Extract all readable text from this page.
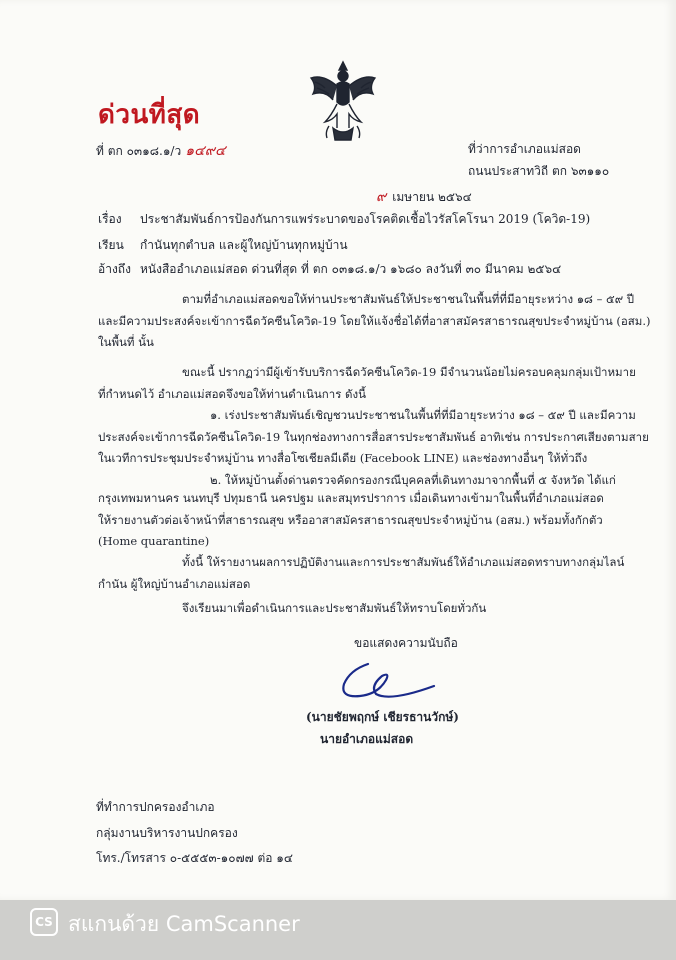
ด่วนที่สุด
ที่ ตก ๐๓๑๘.๑/ว ๑๔๙๔	ที่ว่าการอำเภอแม่สอด
ถนนประสาทวิถี ตก ๖๓๑๑๐
๙ เมษายน ๒๕๖๔
เรื่อง ประชาสัมพันธ์การป้องกันการแพร่ระบาดของโรคติดเชื้อไวรัสโคโรนา 2019 (โควิด-19)
เรียน กำนันทุกตำบล และผู้ใหญ่บ้านทุกหมู่บ้าน
อ้างถึง หนังสืออำเภอแม่สอด ด่วนที่สุด ที่ ตก ๐๓๑๘.๑/ว ๑๖๘๐ ลงวันที่ ๓๐ มีนาคม ๒๕๖๔
ตามที่อำเภอแม่สอดขอให้ท่านประชาสัมพันธ์ให้ประชาชนในพื้นที่ที่มีอายุระหว่าง ๑๘ – ๕๙ ปี
และมีความประสงค์จะเข้าการฉีดวัคซีนโควิด-19 โดยให้แจ้งชื่อได้ที่อาสาสมัครสาธารณสุขประจำหมู่บ้าน (อสม.)
ในพื้นที่ นั้น
ขณะนี้ ปรากฏว่ามีผู้เข้ารับบริการฉีดวัคซีนโควิด-19 มีจำนวนน้อยไม่ครอบคลุมกลุ่มเป้าหมาย
ที่กำหนดไว้ อำเภอแม่สอดจึงขอให้ท่านดำเนินการ ดังนี้
๑. เร่งประชาสัมพันธ์เชิญชวนประชาชนในพื้นที่ที่มีอายุระหว่าง ๑๘ – ๕๙ ปี และมีความ
ประสงค์จะเข้าการฉีดวัคซีนโควิด-19 ในทุกช่องทางการสื่อสารประชาสัมพันธ์ อาทิเช่น การประกาศเสียงตามสาย
ในเวทีการประชุมประจำหมู่บ้าน ทางสื่อโซเชียลมีเดีย (Facebook LINE) และช่องทางอื่นๆ ให้ทั่วถึง
๒. ให้หมู่บ้านตั้งด่านตรวจคัดกรองกรณีบุคคลที่เดินทางมาจากพื้นที่ ๕ จังหวัด ได้แก่
กรุงเทพมหานคร นนทบุรี ปทุมธานี นครปฐม และสมุทรปราการ เมื่อเดินทางเข้ามาในพื้นที่อำเภอแม่สอด
ให้รายงานตัวต่อเจ้าหน้าที่สาธารณสุข หรืออาสาสมัครสาธารณสุขประจำหมู่บ้าน (อสม.) พร้อมทั้งกักตัว
(Home quarantine)
ทั้งนี้ ให้รายงานผลการปฏิบัติงานและการประชาสัมพันธ์ให้อำเภอแม่สอดทราบทางกลุ่มไลน์
กำนัน ผู้ใหญ่บ้านอำเภอแม่สอด
จึงเรียนมาเพื่อดำเนินการและประชาสัมพันธ์ให้ทราบโดยทั่วกัน
ขอแสดงความนับถือ
(นายชัยพฤกษ์ เชียรธานวักษ์)
นายอำเภอแม่สอด
ที่ทำการปกครองอำเภอ
กลุ่มงานบริหารงานปกครอง
โทร./โทรสาร ๐-๕๕๕๓-๑๐๗๗ ต่อ ๑๔
CS สแกนด้วย CamScanner
